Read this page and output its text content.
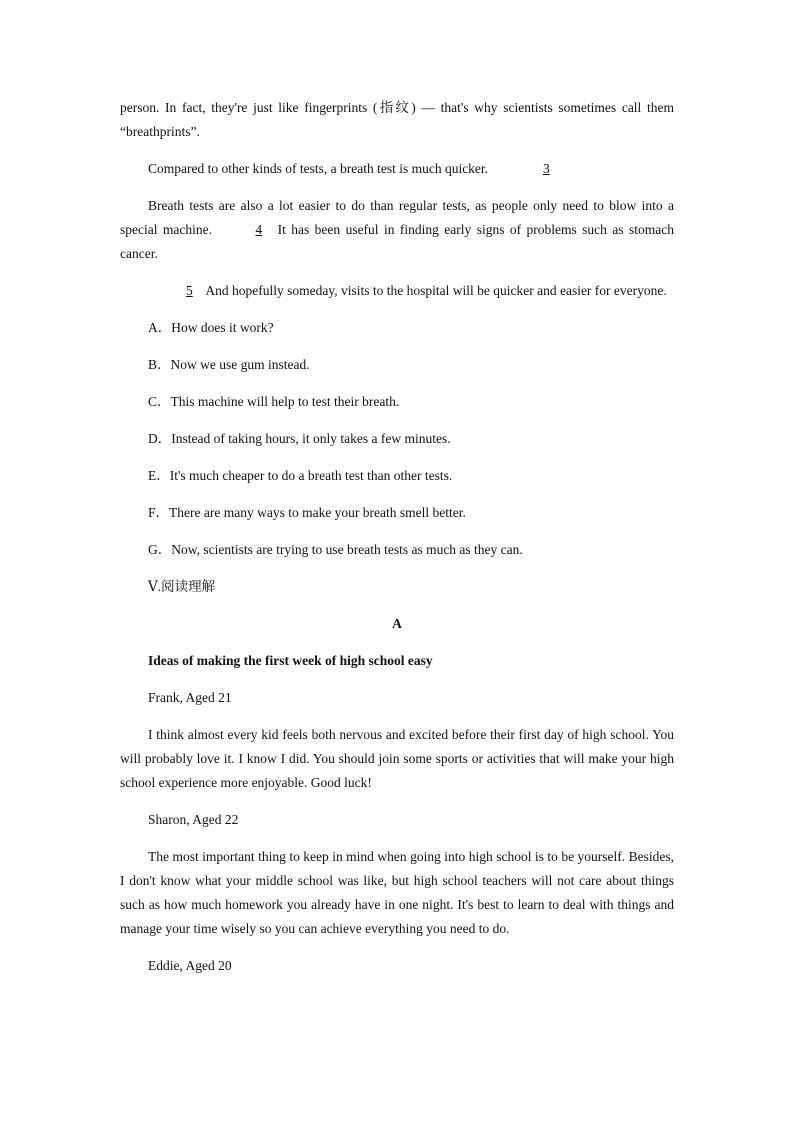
person. In fact, they're just like fingerprints (指纹) — that's why scientists sometimes call them “breathprints”.

Compared to other kinds of tests, a breath test is much quicker.	3

Breath tests are also a lot easier to do than regular tests, as people only need to blow into a special machine.	4 It has been useful in finding early signs of problems such as stomach cancer.

5 And hopefully someday, visits to the hospital will be quicker and easier for everyone.

A．How does it work?

B．Now we use gum instead.

C．This machine will help to test their breath.

D．Instead of taking hours, it only takes a few minutes.

E．It's much cheaper to do a breath test than other tests.

F．There are many ways to make your breath smell better.

G．Now, scientists are trying to use breath tests as much as they can.

Ⅴ.阅读理解

A

Ideas of making the first week of high school easy

Frank, Aged 21

I think almost every kid feels both nervous and excited before their first day of high school. You will probably love it. I know I did. You should join some sports or activities that will make your high school experience more enjoyable. Good luck!

Sharon, Aged 22

The most important thing to keep in mind when going into high school is to be yourself. Besides, I don't know what your middle school was like, but high school teachers will not care about things such as how much homework you already have in one night. It's best to learn to deal with things and manage your time wisely so you can achieve everything you need to do.

Eddie, Aged 20
